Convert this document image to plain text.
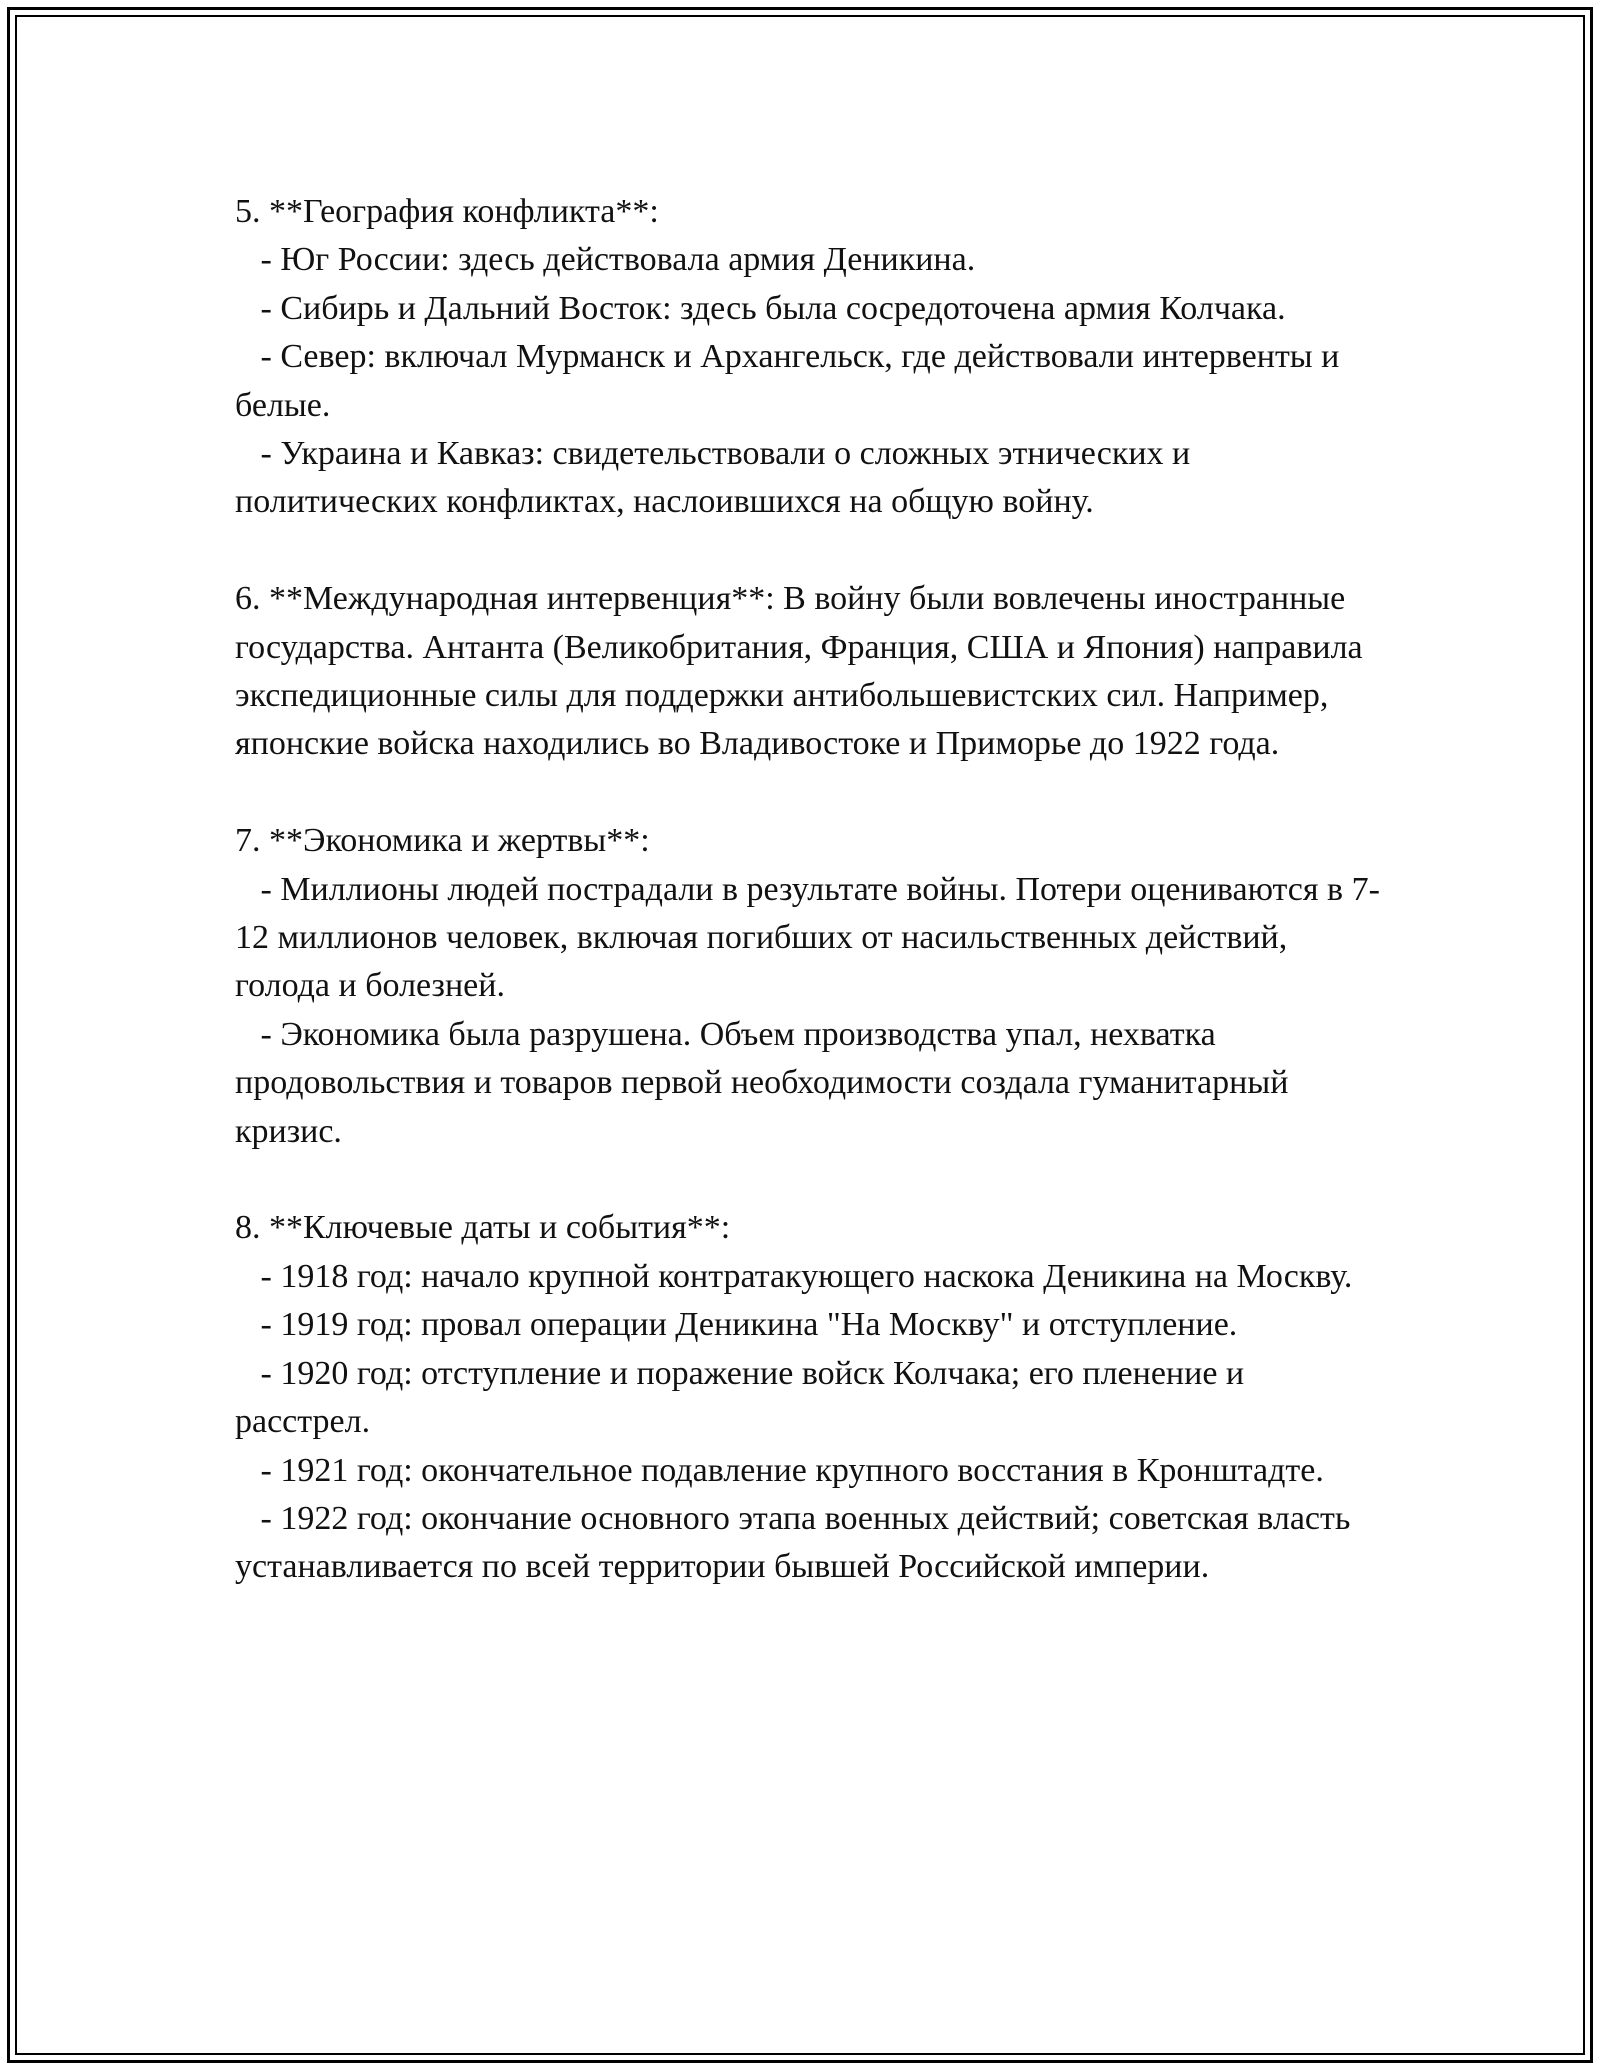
5. **География конфликта**:

- Юг России: здесь действовала армия Деникина.

- Сибирь и Дальний Восток: здесь была сосредоточена армия Колчака.

- Север: включал Мурманск и Архангельск, где действовали интервенты и белые.

- Украина и Кавказ: свидетельствовали о сложных этнических и политических конфликтах, наслоившихся на общую войну.

6. **Международная интервенция**: В войну были вовлечены иностранные государства. Антанта (Великобритания, Франция, США и Япония) направила экспедиционные силы для поддержки антибольшевистских сил. Например, японские войска находились во Владивостоке и Приморье до 1922 года.

7. **Экономика и жертвы**:

- Миллионы людей пострадали в результате войны. Потери оцениваются в 7-12 миллионов человек, включая погибших от насильственных действий, голода и болезней.

- Экономика была разрушена. Объем производства упал, нехватка продовольствия и товаров первой необходимости создала гуманитарный кризис.

8. **Ключевые даты и события**:

- 1918 год: начало крупной контратакующего наскока Деникина на Москву.

- 1919 год: провал операции Деникина "На Москву" и отступление.

- 1920 год: отступление и поражение войск Колчака; его пленение и расстрел.

- 1921 год: окончательное подавление крупного восстания в Кронштадте.

- 1922 год: окончание основного этапа военных действий; советская власть устанавливается по всей территории бывшей Российской империи.
